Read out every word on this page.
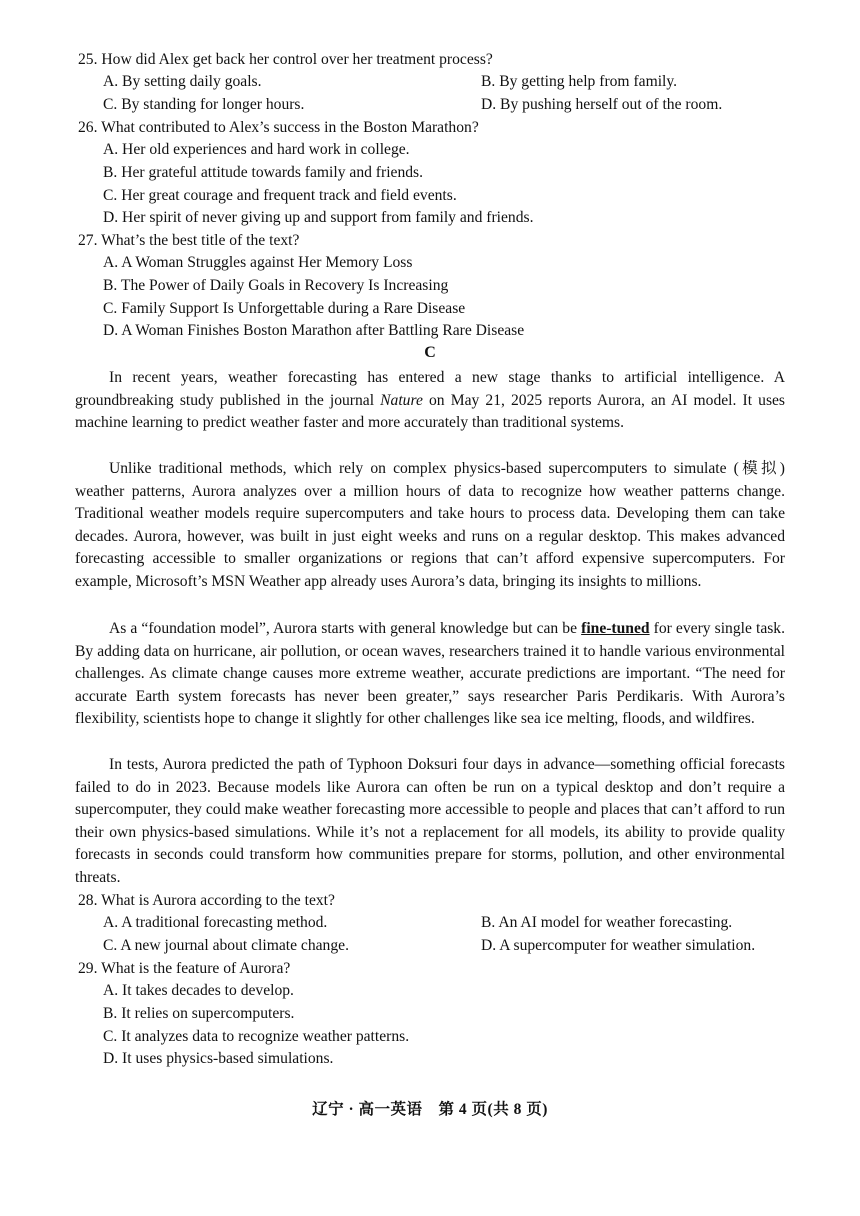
25. How did Alex get back her control over her treatment process?
A. By setting daily goals.	B. By getting help from family.
C. By standing for longer hours.	D. By pushing herself out of the room.
26. What contributed to Alex’s success in the Boston Marathon?
A. Her old experiences and hard work in college.
B. Her grateful attitude towards family and friends.
C. Her great courage and frequent track and field events.
D. Her spirit of never giving up and support from family and friends.
27. What’s the best title of the text?
A. A Woman Struggles against Her Memory Loss
B. The Power of Daily Goals in Recovery Is Increasing
C. Family Support Is Unforgettable during a Rare Disease
D. A Woman Finishes Boston Marathon after Battling Rare Disease
C
In recent years, weather forecasting has entered a new stage thanks to artificial intelligence. A groundbreaking study published in the journal Nature on May 21, 2025 reports Aurora, an AI model. It uses machine learning to predict weather faster and more accurately than traditional systems.
Unlike traditional methods, which rely on complex physics-based supercomputers to simulate (模拟) weather patterns, Aurora analyzes over a million hours of data to recognize how weather patterns change. Traditional weather models require supercomputers and take hours to process data. Developing them can take decades. Aurora, however, was built in just eight weeks and runs on a regular desktop. This makes advanced forecasting accessible to smaller organizations or regions that can’t afford expensive supercomputers. For example, Microsoft’s MSN Weather app already uses Aurora’s data, bringing its insights to millions.
As a “foundation model”, Aurora starts with general knowledge but can be fine-tuned for every single task. By adding data on hurricane, air pollution, or ocean waves, researchers trained it to handle various environmental challenges. As climate change causes more extreme weather, accurate predictions are important. “The need for accurate Earth system forecasts has never been greater,” says researcher Paris Perdikaris. With Aurora’s flexibility, scientists hope to change it slightly for other challenges like sea ice melting, floods, and wildfires.
In tests, Aurora predicted the path of Typhoon Doksuri four days in advance—something official forecasts failed to do in 2023. Because models like Aurora can often be run on a typical desktop and don’t require a supercomputer, they could make weather forecasting more accessible to people and places that can’t afford to run their own physics-based simulations. While it’s not a replacement for all models, its ability to provide quality forecasts in seconds could transform how communities prepare for storms, pollution, and other environmental threats.
28. What is Aurora according to the text?
A. A traditional forecasting method.	B. An AI model for weather forecasting.
C. A new journal about climate change.	D. A supercomputer for weather simulation.
29. What is the feature of Aurora?
A. It takes decades to develop.
B. It relies on supercomputers.
C. It analyzes data to recognize weather patterns.
D. It uses physics-based simulations.
辽宁 · 高一英语　第 4 页(共 8 页)
